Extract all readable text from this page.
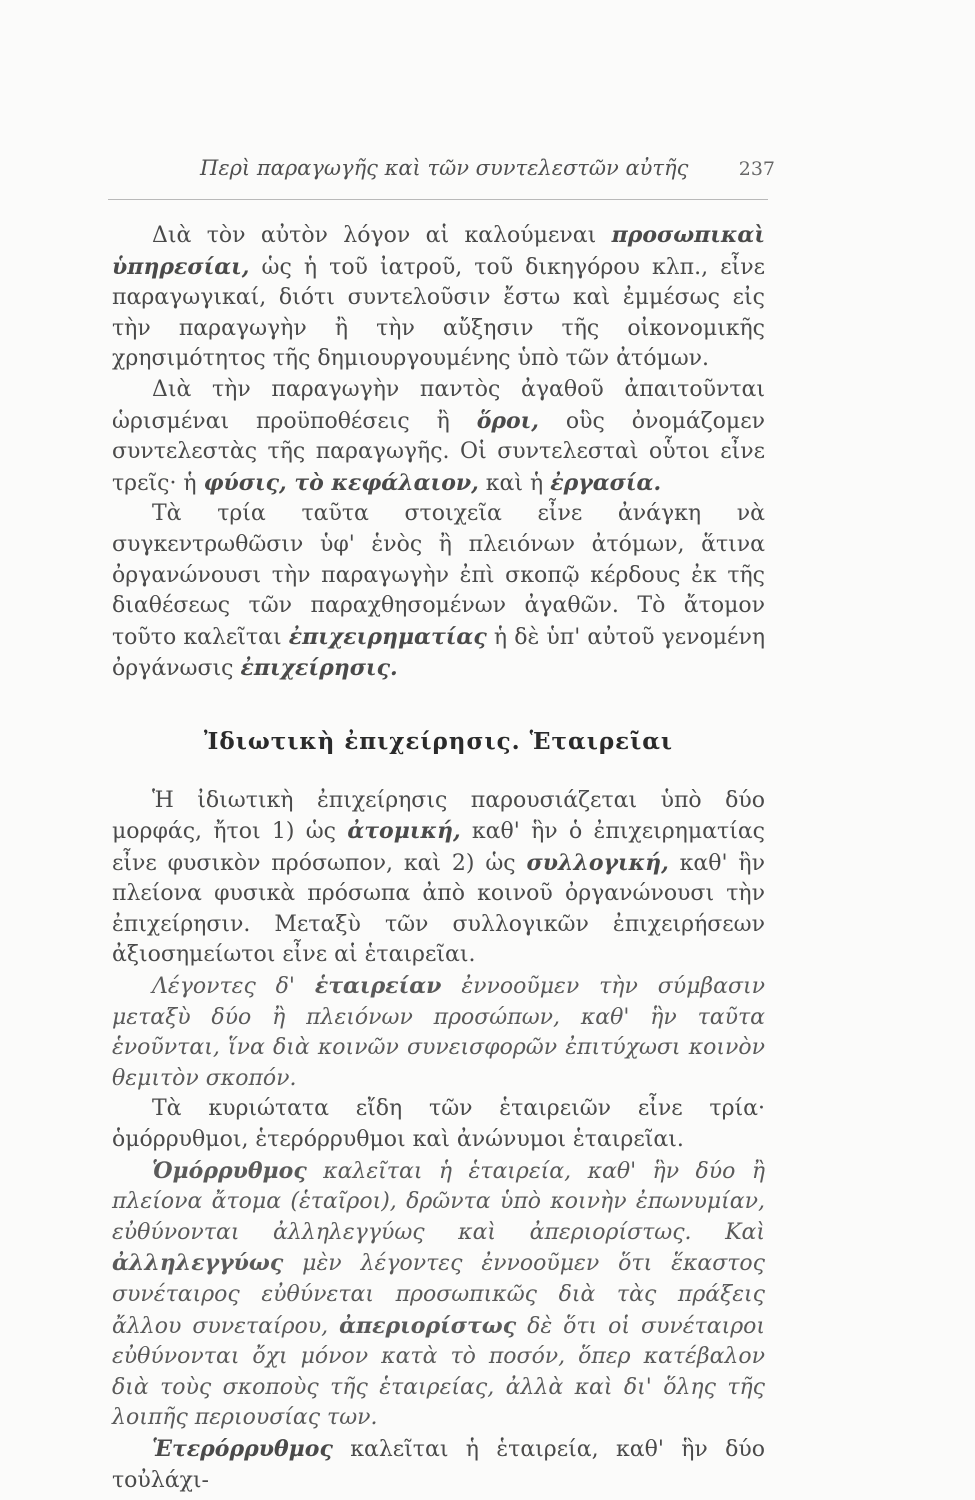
Περὶ παραγωγῆς καὶ τῶν συντελεστῶν αὐτῆς	237

Διὰ τὸν αὐτὸν λόγον αἱ καλούμεναι προσωπικαὶ ὑπηρεσίαι, ὡς ἡ τοῦ ἰατροῦ, τοῦ δικηγόρου κλπ., εἶνε παραγωγικαί, διότι συντελοῦσιν ἔστω καὶ ἐμμέσως εἰς τὴν παραγωγὴν ἢ τὴν αὔξησιν τῆς οἰκονομικῆς χρησιμότητος τῆς δημιουργουμένης ὑπὸ τῶν ἀτόμων.

Διὰ τὴν παραγωγὴν παντὸς ἀγαθοῦ ἀπαιτοῦνται ὡρισμέναι προϋποθέσεις ἢ ὅροι, οὓς ὀνομάζομεν συντελεστὰς τῆς παραγωγῆς. Οἱ συντελεσταὶ οὗτοι εἶνε τρεῖς· ἡ φύσις, τὸ κεφάλαιον, καὶ ἡ ἐργασία.

Τὰ τρία ταῦτα στοιχεῖα εἶνε ἀνάγκη νὰ συγκεντρωθῶσιν ὑφ' ἑνὸς ἢ πλειόνων ἀτόμων, ἅτινα ὀργανώνουσι τὴν παραγωγὴν ἐπὶ σκοπῷ κέρδους ἐκ τῆς διαθέσεως τῶν παραχθησομένων ἀγαθῶν. Τὸ ἄτομον τοῦτο καλεῖται ἐπιχειρηματίας ἡ δὲ ὑπ' αὐτοῦ γενομένη ὀργάνωσις ἐπιχείρησις.

Ἰδιωτικὴ ἐπιχείρησις. Ἑταιρεῖαι

Ἡ ἰδιωτικὴ ἐπιχείρησις παρουσιάζεται ὑπὸ δύο μορφάς, ἤτοι 1) ὡς ἀτομική, καθ' ἣν ὁ ἐπιχειρηματίας εἶνε φυσικὸν πρόσωπον, καὶ 2) ὡς συλλογική, καθ' ἣν πλείονα φυσικὰ πρόσωπα ἀπὸ κοινοῦ ὀργανώνουσι τὴν ἐπιχείρησιν. Μεταξὺ τῶν συλλογικῶν ἐπιχειρήσεων ἀξιοσημείωτοι εἶνε αἱ ἑταιρεῖαι.

Λέγοντες δ' ἑταιρείαν ἐννοοῦμεν τὴν σύμβασιν μεταξὺ δύο ἢ πλειόνων προσώπων, καθ' ἣν ταῦτα ἑνοῦνται, ἵνα διὰ κοινῶν συνεισφορῶν ἐπιτύχωσι κοινὸν θεμιτὸν σκοπόν.

Τὰ κυριώτατα εἴδη τῶν ἑταιρειῶν εἶνε τρία· ὁμόρρυθμοι, ἑτερόρρυθμοι καὶ ἀνώνυμοι ἑταιρεῖαι.

Ὁμόρρυθμος καλεῖται ἡ ἑταιρεία, καθ' ἣν δύο ἢ πλείονα ἄτομα (ἑταῖροι), δρῶντα ὑπὸ κοινὴν ἐπωνυμίαν, εὐθύνονται ἀλληλεγγύως καὶ ἀπεριορίστως. Καὶ ἀλληλεγγύως μὲν λέγοντες ἐννοοῦμεν ὅτι ἕκαστος συνέταιρος εὐθύνεται προσωπικῶς διὰ τὰς πράξεις ἄλλου συνεταίρου, ἀπεριορίστως δὲ ὅτι οἱ συνέταιροι εὐθύνονται ὄχι μόνον κατὰ τὸ ποσόν, ὅπερ κατέβαλον διὰ τοὺς σκοποὺς τῆς ἑταιρείας, ἀλλὰ καὶ δι' ὅλης τῆς λοιπῆς περιουσίας των.

Ἑτερόρρυθμος καλεῖται ἡ ἑταιρεία, καθ' ἣν δύο τοὐλάχι-
